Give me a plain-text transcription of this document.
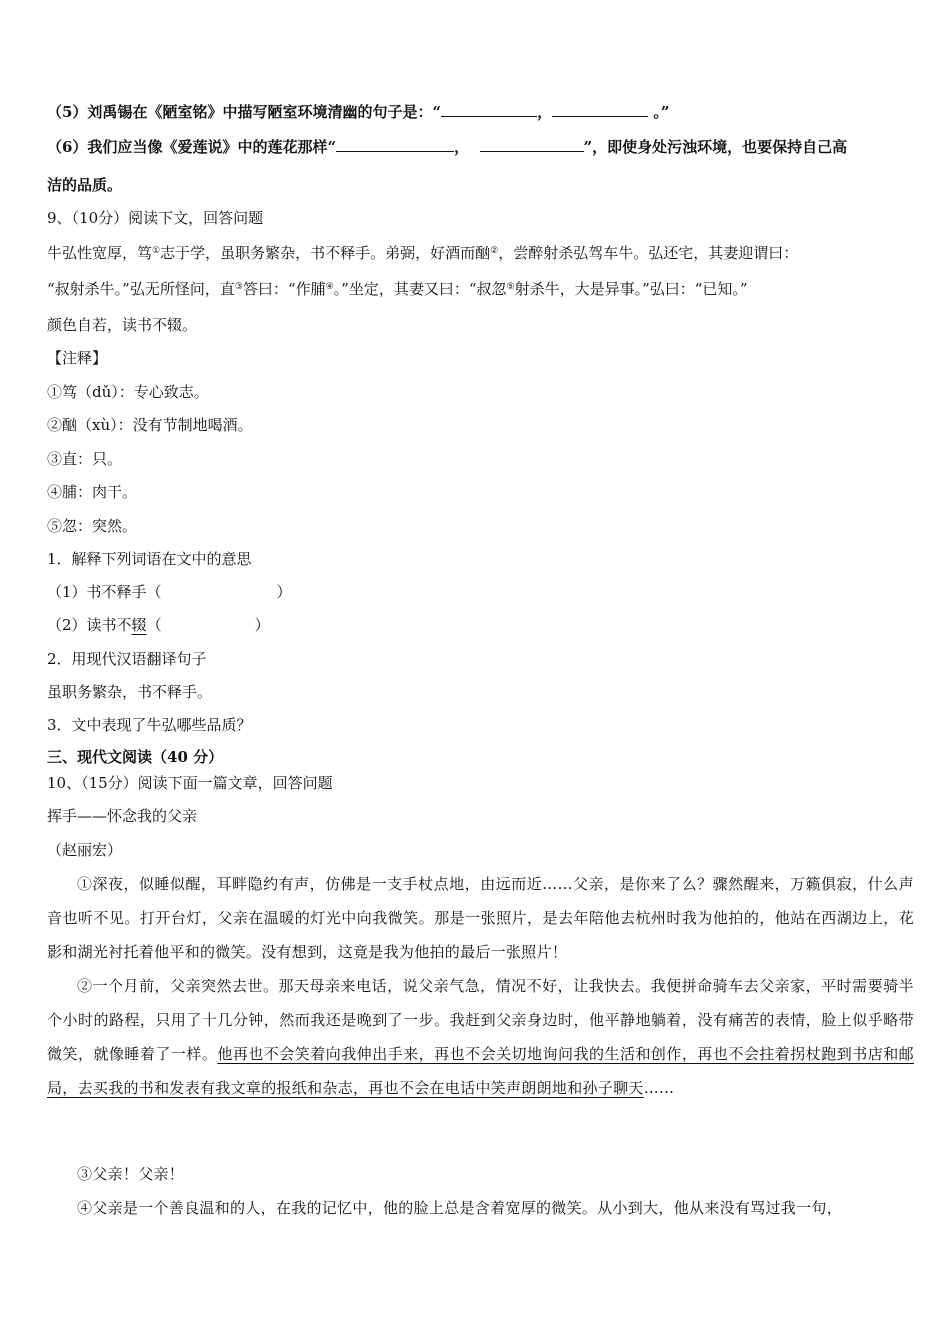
（5）刘禹锡在《陋室铭》中描写陋室环境清幽的句子是：“	，	。”
（6）我们应当像《爱莲说》中的莲花那样“	，	”，即使身处污浊环境，也要保持自己高
洁的品质。
9、（10分）阅读下文，回答问题
牛弘性宽厚，笃①志于学，虽职务繁杂，书不释手。弟弼，好酒而酗②，尝醉射杀弘驾车牛。弘还宅，其妻迎谓曰：
“叔射杀牛。”弘无所怪问，直③答曰：“作脯④。”坐定，其妻又曰：“叔忽⑤射杀牛，大是异事。”弘曰：“已知。”
颜色自若，读书不辍。
【注释】
①笃（dǔ）：专心致志。
②酗（xù）：没有节制地喝酒。
③直：只。
④脯：肉干。
⑤忽：突然。
1．解释下列词语在文中的意思
（1）书不释手（	）
（2）读书不辍（	）
2．用现代汉语翻译句子
虽职务繁杂，书不释手。
3．文中表现了牛弘哪些品质？
三、现代文阅读（40 分）
10、（15分）阅读下面一篇文章，回答问题
挥手——怀念我的父亲
（赵丽宏）

①深夜，似睡似醒，耳畔隐约有声，仿佛是一支手杖点地，由远而近……父亲，是你来了么？骤然醒来，万籁俱寂，什么声音也听不见。打开台灯，父亲在温暖的灯光中向我微笑。那是一张照片，是去年陪他去杭州时我为他拍的，他站在西湖边上，花影和湖光衬托着他平和的微笑。没有想到，这竟是我为他拍的最后一张照片！

②一个月前，父亲突然去世。那天母亲来电话，说父亲气急，情况不好，让我快去。我便拼命骑车去父亲家，平时需要骑半个小时的路程，只用了十几分钟，然而我还是晚到了一步。我赶到父亲身边时，他平静地躺着，没有痛苦的表情，脸上似乎略带微笑，就像睡着了一样。他再也不会笑着向我伸出手来，再也不会关切地询问我的生活和创作，再也不会拄着拐杖跑到书店和邮局，去买我的书和发表有我文章的报纸和杂志，再也不会在电话中笑声朗朗地和孙子聊天……

③父亲！父亲！

④父亲是一个善良温和的人，在我的记忆中，他的脸上总是含着宽厚的微笑。从小到大，他从来没有骂过我一句，
